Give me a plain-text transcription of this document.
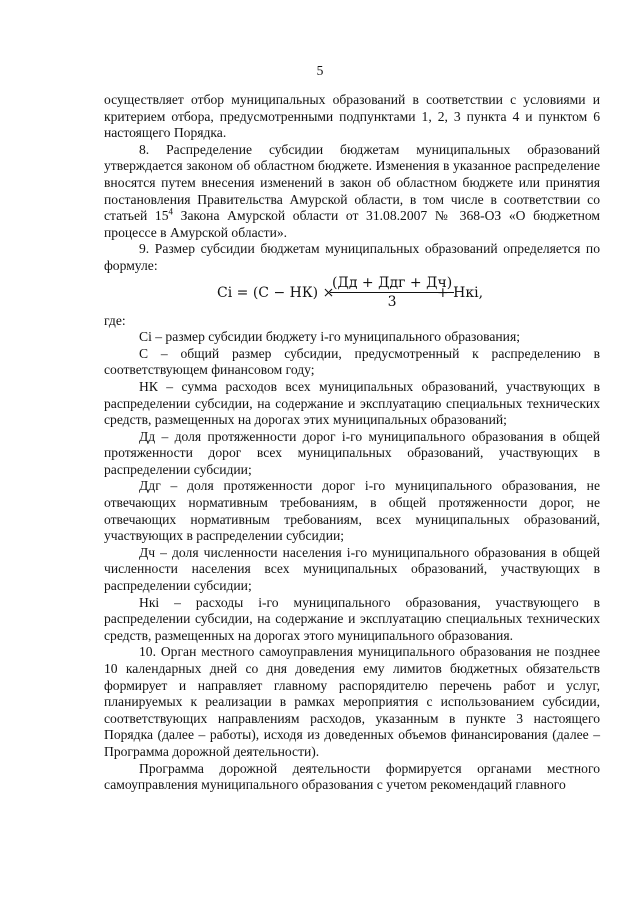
5

осуществляет отбор муниципальных образований в соответствии с условиями и критерием отбора, предусмотренными подпунктами 1, 2, 3 пункта 4 и пунктом 6 настоящего Порядка.

8. Распределение субсидии бюджетам муниципальных образований утверждается законом об областном бюджете. Изменения в указанное распределение вносятся путем внесения изменений в закон об областном бюджете или принятия постановления Правительства Амурской области, в том числе в соответствии со статьей $15^4$ Закона Амурской области от 31.08.2007 № 368-ОЗ «О бюджетном процессе в Амурской области».

9. Размер субсидии бюджетам муниципальных образований определяется по формуле:

Ci = (С − НК) ×
(Дд + Ддг + Дч)
3
+ Нкi,

где:

Ci – размер субсидии бюджету i-го муниципального образования;

С – общий размер субсидии, предусмотренный к распределению в соответствующем финансовом году;

НК – сумма расходов всех муниципальных образований, участвующих в распределении субсидии, на содержание и эксплуатацию специальных технических средств, размещенных на дорогах этих муниципальных образований;

Дд – доля протяженности дорог i-го муниципального образования в общей протяженности дорог всех муниципальных образований, участвующих в распределении субсидии;

Ддг – доля протяженности дорог i-го муниципального образования, не отвечающих нормативным требованиям, в общей протяженности дорог, не отвечающих нормативным требованиям, всех муниципальных образований, участвующих в распределении субсидии;

Дч – доля численности населения i-го муниципального образования в общей численности населения всех муниципальных образований, участвующих в распределении субсидии;

Нкi – расходы i-го муниципального образования, участвующего в распределении субсидии, на содержание и эксплуатацию специальных технических средств, размещенных на дорогах этого муниципального образования.

10. Орган местного самоуправления муниципального образования не позднее 10 календарных дней со дня доведения ему лимитов бюджетных обязательств формирует и направляет главному распорядителю перечень работ и услуг, планируемых к реализации в рамках мероприятия с использованием субсидии, соответствующих направлениям расходов, указанным в пункте 3 настоящего Порядка (далее – работы), исходя из доведенных объемов финансирования (далее – Программа дорожной деятельности).

Программа дорожной деятельности формируется органами местного самоуправления муниципального образования с учетом рекомендаций главного
